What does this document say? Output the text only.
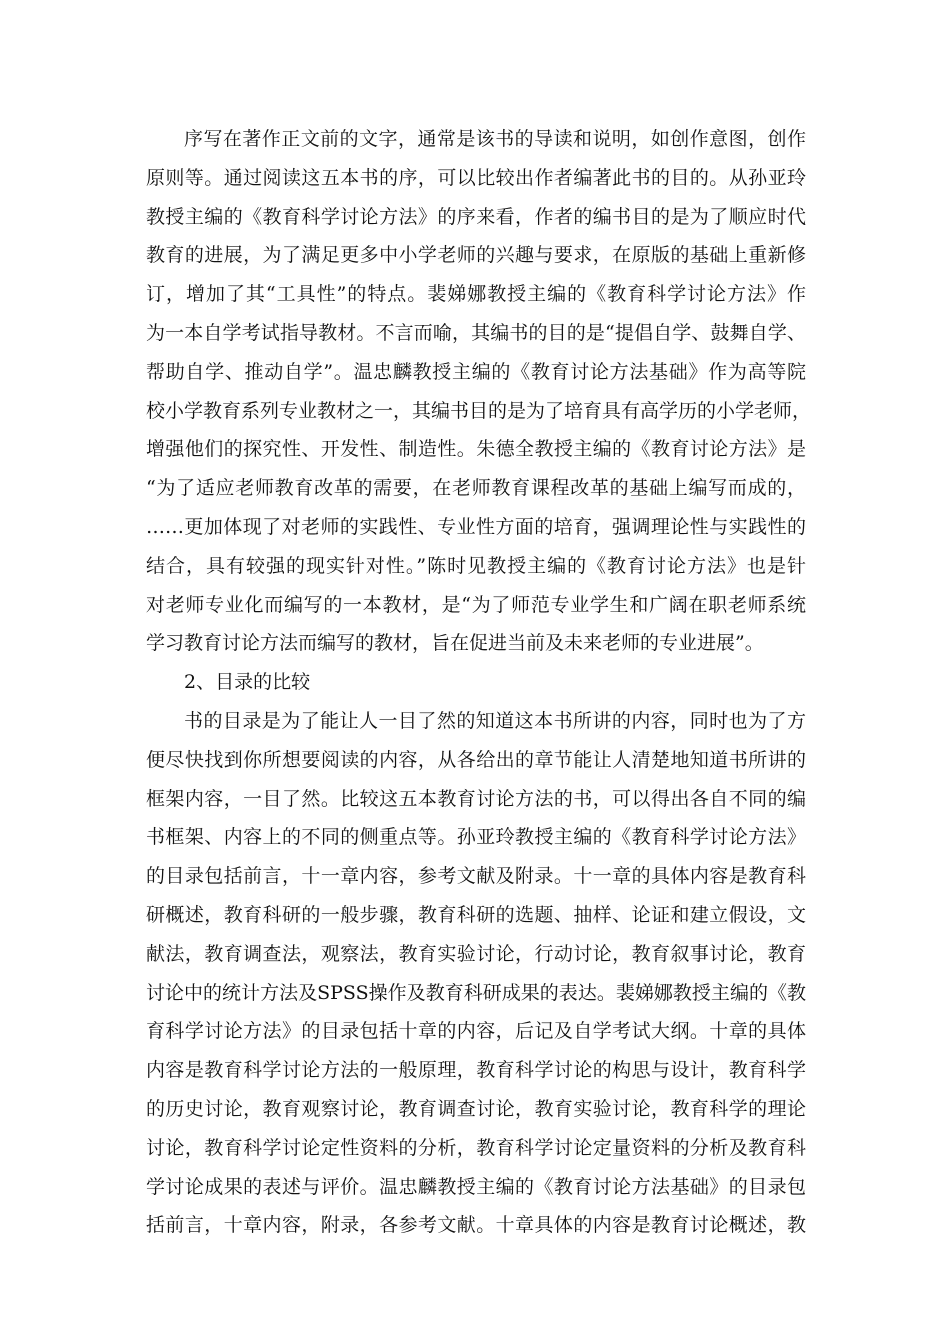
序写在著作正文前的文字，通常是该书的导读和说明，如创作意图，创作
原则等。通过阅读这五本书的序，可以比较出作者编著此书的目的。从孙亚玲
教授主编的《教育科学讨论方法》的序来看，作者的编书目的是为了顺应时代
教育的进展，为了满足更多中小学老师的兴趣与要求，在原版的基础上重新修
订，增加了其“工具性”的特点。裴娣娜教授主编的《教育科学讨论方法》作
为一本自学考试指导教材。不言而喻，其编书的目的是“提倡自学、鼓舞自学、
帮助自学、推动自学”。温忠麟教授主编的《教育讨论方法基础》作为高等院
校小学教育系列专业教材之一，其编书目的是为了培育具有高学历的小学老师，
增强他们的探究性、开发性、制造性。朱德全教授主编的《教育讨论方法》是
“为了适应老师教育改革的需要，在老师教育课程改革的基础上编写而成的，
……更加体现了对老师的实践性、专业性方面的培育，强调理论性与实践性的
结合，具有较强的现实针对性。”陈时见教授主编的《教育讨论方法》也是针
对老师专业化而编写的一本教材，是“为了师范专业学生和广阔在职老师系统
学习教育讨论方法而编写的教材，旨在促进当前及未来老师的专业进展”。
2、目录的比较
书的目录是为了能让人一目了然的知道这本书所讲的内容，同时也为了方
便尽快找到你所想要阅读的内容，从各给出的章节能让人清楚地知道书所讲的
框架内容，一目了然。比较这五本教育讨论方法的书，可以得出各自不同的编
书框架、内容上的不同的侧重点等。孙亚玲教授主编的《教育科学讨论方法》
的目录包括前言，十一章内容，参考文献及附录。十一章的具体内容是教育科
研概述，教育科研的一般步骤，教育科研的选题、抽样、论证和建立假设，文
献法，教育调查法，观察法，教育实验讨论，行动讨论，教育叙事讨论，教育
讨论中的统计方法及SPSS操作及教育科研成果的表达。裴娣娜教授主编的《教
育科学讨论方法》的目录包括十章的内容，后记及自学考试大纲。十章的具体
内容是教育科学讨论方法的一般原理，教育科学讨论的构思与设计，教育科学
的历史讨论，教育观察讨论，教育调查讨论，教育实验讨论，教育科学的理论
讨论，教育科学讨论定性资料的分析，教育科学讨论定量资料的分析及教育科
学讨论成果的表述与评价。温忠麟教授主编的《教育讨论方法基础》的目录包
括前言，十章内容，附录，各参考文献。十章具体的内容是教育讨论概述，教
